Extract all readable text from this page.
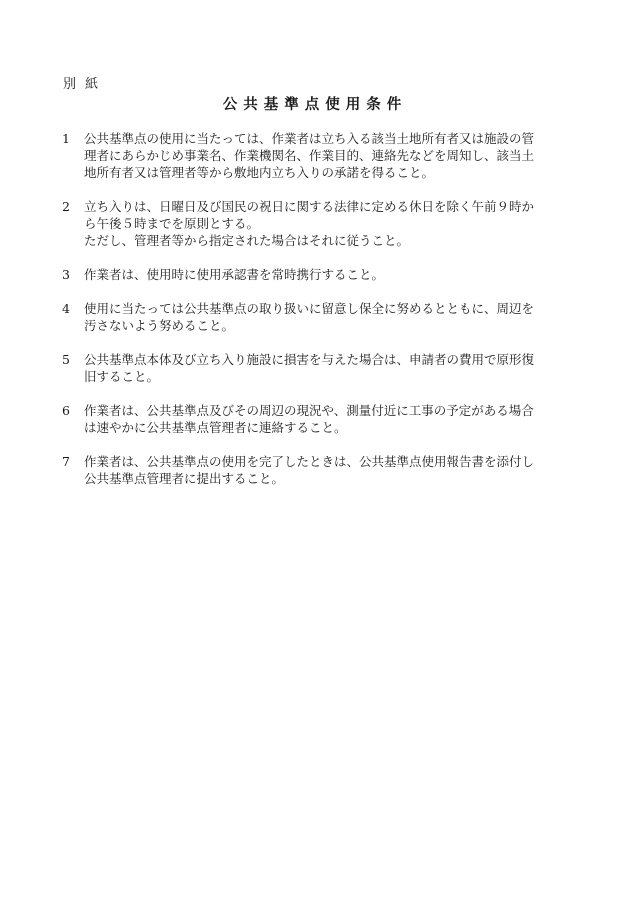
別紙
公共基準点使用条件
1	公共基準点の使用に当たっては、作業者は立ち入る該当土地所有者又は施設の管
理者にあらかじめ事業名、作業機関名、作業目的、連絡先などを周知し、該当土
地所有者又は管理者等から敷地内立ち入りの承諾を得ること。
2	立ち入りは、日曜日及び国民の祝日に関する法律に定める休日を除く午前９時か
ら午後５時までを原則とする。
ただし、管理者等から指定された場合はそれに従うこと。
3	作業者は、使用時に使用承認書を常時携行すること。
4	使用に当たっては公共基準点の取り扱いに留意し保全に努めるとともに、周辺を
汚さないよう努めること。
5	公共基準点本体及び立ち入り施設に損害を与えた場合は、申請者の費用で原形復
旧すること。
6	作業者は、公共基準点及びその周辺の現況や、測量付近に工事の予定がある場合
は速やかに公共基準点管理者に連絡すること。
7	作業者は、公共基準点の使用を完了したときは、公共基準点使用報告書を添付し
公共基準点管理者に提出すること。
